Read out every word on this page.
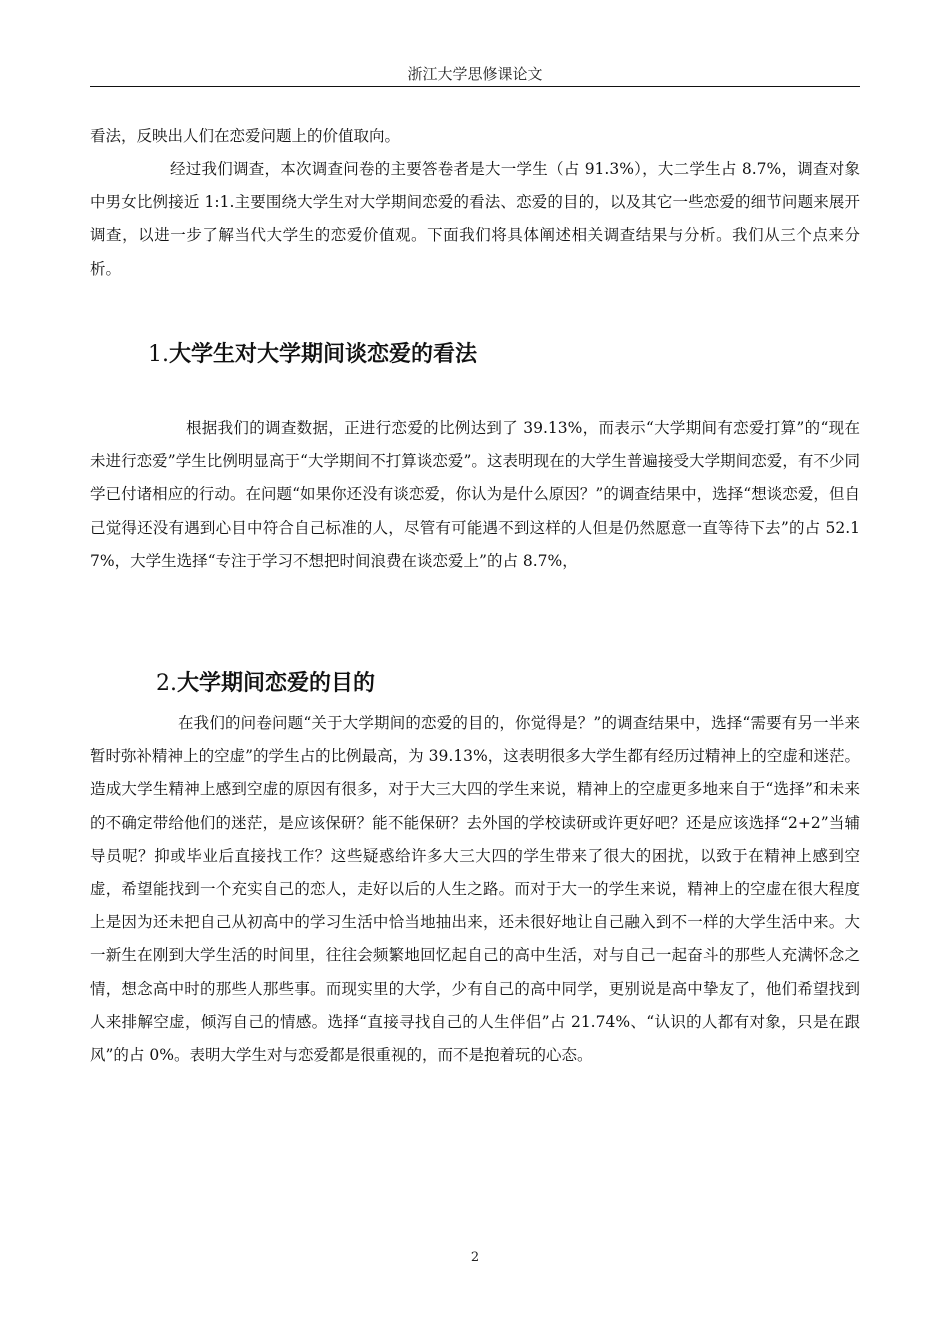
浙江大学思修课论文

看法，反映出人们在恋爱问题上的价值取向。

经过我们调查，本次调查问卷的主要答卷者是大一学生（占 91.3%），大二学生占 8.7%，调查对象中男女比例接近 1:1.主要围绕大学生对大学期间恋爱的看法、恋爱的目的，以及其它一些恋爱的细节问题来展开调查，以进一步了解当代大学生的恋爱价值观。下面我们将具体阐述相关调查结果与分析。我们从三个点来分析。

1.大学生对大学期间谈恋爱的看法

根据我们的调查数据，正进行恋爱的比例达到了 39.13%，而表示“大学期间有恋爱打算”的“现在未进行恋爱”学生比例明显高于“大学期间不打算谈恋爱”。这表明现在的大学生普遍接受大学期间恋爱，有不少同学已付诸相应的行动。在问题“如果你还没有谈恋爱，你认为是什么原因？”的调查结果中，选择“想谈恋爱，但自己觉得还没有遇到心目中符合自己标准的人，尽管有可能遇不到这样的人但是仍然愿意一直等待下去”的占 52.17%，大学生选择“专注于学习不想把时间浪费在谈恋爱上”的占 8.7%，

2.大学期间恋爱的目的

在我们的问卷问题“关于大学期间的恋爱的目的，你觉得是？”的调查结果中，选择“需要有另一半来暂时弥补精神上的空虚”的学生占的比例最高，为 39.13%，这表明很多大学生都有经历过精神上的空虚和迷茫。造成大学生精神上感到空虚的原因有很多，对于大三大四的学生来说，精神上的空虚更多地来自于“选择”和未来的不确定带给他们的迷茫，是应该保研？能不能保研？去外国的学校读研或许更好吧？还是应该选择“2+2”当辅导员呢？抑或毕业后直接找工作？这些疑惑给许多大三大四的学生带来了很大的困扰，以致于在精神上感到空虚，希望能找到一个充实自己的恋人，走好以后的人生之路。而对于大一的学生来说，精神上的空虚在很大程度上是因为还未把自己从初高中的学习生活中恰当地抽出来，还未很好地让自己融入到不一样的大学生活中来。大一新生在刚到大学生活的时间里，往往会频繁地回忆起自己的高中生活，对与自己一起奋斗的那些人充满怀念之情，想念高中时的那些人那些事。而现实里的大学，少有自己的高中同学，更别说是高中挚友了，他们希望找到人来排解空虚，倾泻自己的情感。选择“直接寻找自己的人生伴侣”占 21.74%、“认识的人都有对象，只是在跟风”的占 0%。表明大学生对与恋爱都是很重视的，而不是抱着玩的心态。

2
